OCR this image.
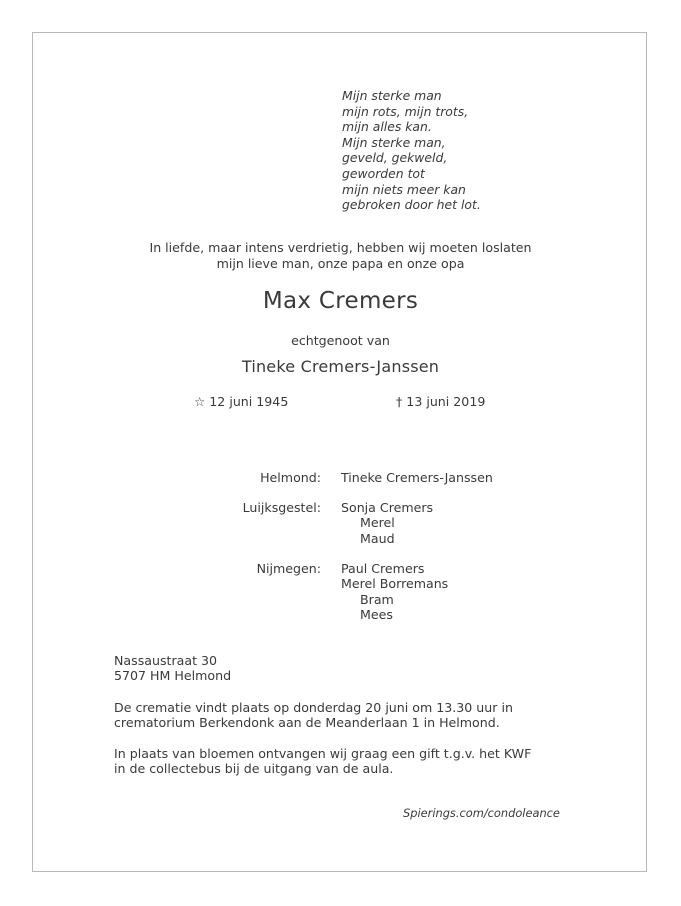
Mijn sterke man
mijn rots, mijn trots,
mijn alles kan.
Mijn sterke man,
geveld, gekweld,
geworden tot
mijn niets meer kan
gebroken door het lot.
In liefde, maar intens verdrietig, hebben wij moeten loslaten
mijn lieve man, onze papa en onze opa
Max Cremers
echtgenoot van
Tineke Cremers-Janssen
☆ 12 juni 1945	† 13 juni 2019
Helmond: Tineke Cremers-Janssen
Luijksgestel: Sonja Cremers
Merel
Maud
Nijmegen: Paul Cremers
Merel Borremans
Bram
Mees
Nassaustraat 30
5707 HM Helmond
De crematie vindt plaats op donderdag 20 juni om 13.30 uur in
crematorium Berkendonk aan de Meanderlaan 1 in Helmond.
In plaats van bloemen ontvangen wij graag een gift t.g.v. het KWF
in de collectebus bij de uitgang van de aula.
Spierings.com/condoleance
